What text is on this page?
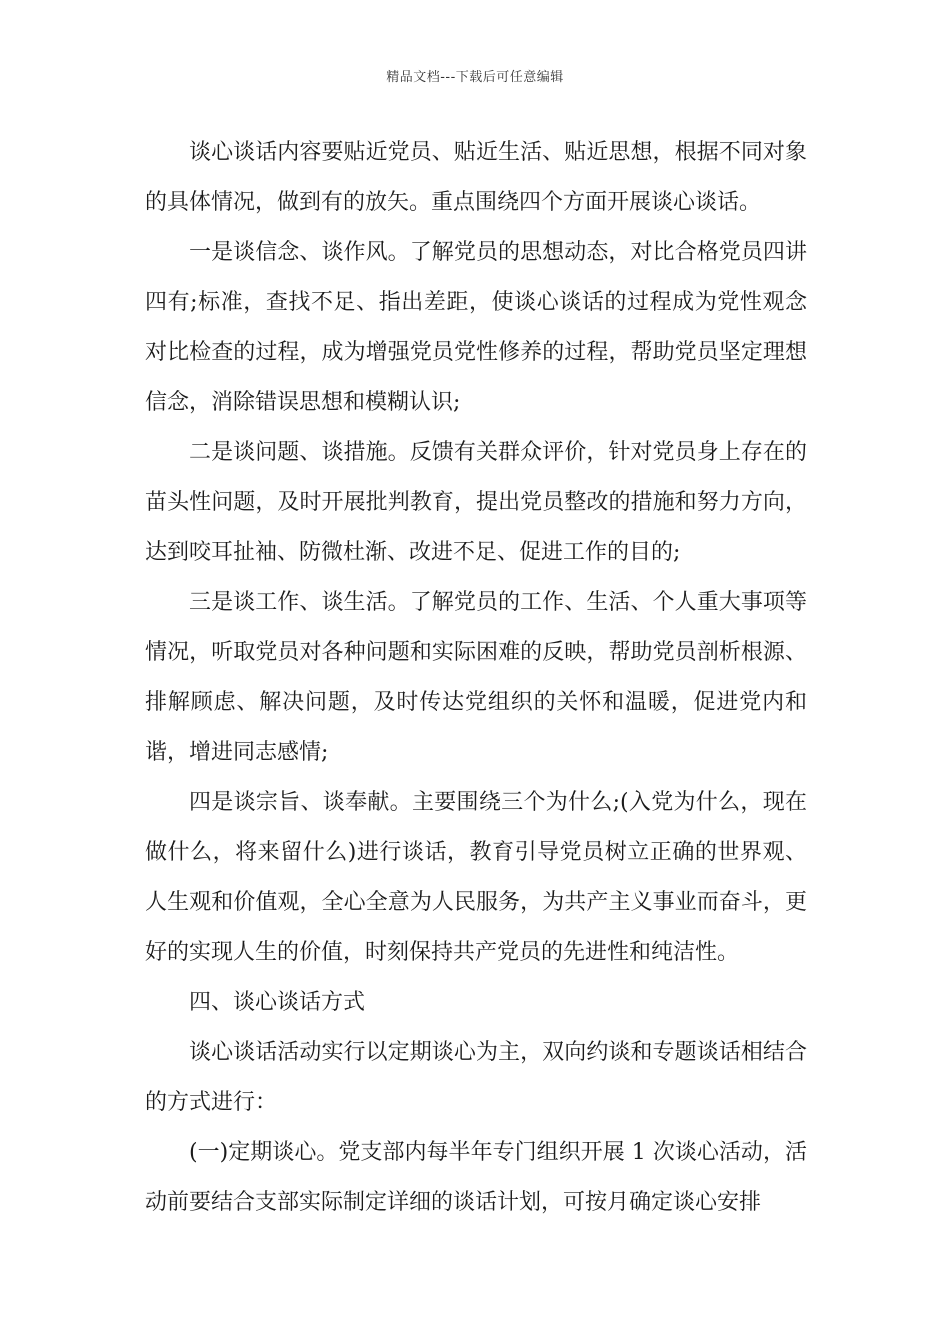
精品文档---下载后可任意编辑

谈心谈话内容要贴近党员、贴近生活、贴近思想，根据不同对象的具体情况，做到有的放矢。重点围绕四个方面开展谈心谈话。

一是谈信念、谈作风。了解党员的思想动态，对比合格党员四讲四有;标准，查找不足、指出差距，使谈心谈话的过程成为党性观念对比检查的过程，成为增强党员党性修养的过程，帮助党员坚定理想信念，消除错误思想和模糊认识;

二是谈问题、谈措施。反馈有关群众评价，针对党员身上存在的苗头性问题，及时开展批判教育，提出党员整改的措施和努力方向，达到咬耳扯袖、防微杜渐、改进不足、促进工作的目的;

三是谈工作、谈生活。了解党员的工作、生活、个人重大事项等情况，听取党员对各种问题和实际困难的反映，帮助党员剖析根源、排解顾虑、解决问题，及时传达党组织的关怀和温暖，促进党内和谐，增进同志感情;

四是谈宗旨、谈奉献。主要围绕三个为什么;(入党为什么，现在做什么，将来留什么)进行谈话，教育引导党员树立正确的世界观、人生观和价值观，全心全意为人民服务，为共产主义事业而奋斗，更好的实现人生的价值，时刻保持共产党员的先进性和纯洁性。

四、谈心谈话方式

谈心谈话活动实行以定期谈心为主，双向约谈和专题谈话相结合的方式进行：

(一)定期谈心。党支部内每半年专门组织开展 1 次谈心活动，活动前要结合支部实际制定详细的谈话计划，可按月确定谈心安排
